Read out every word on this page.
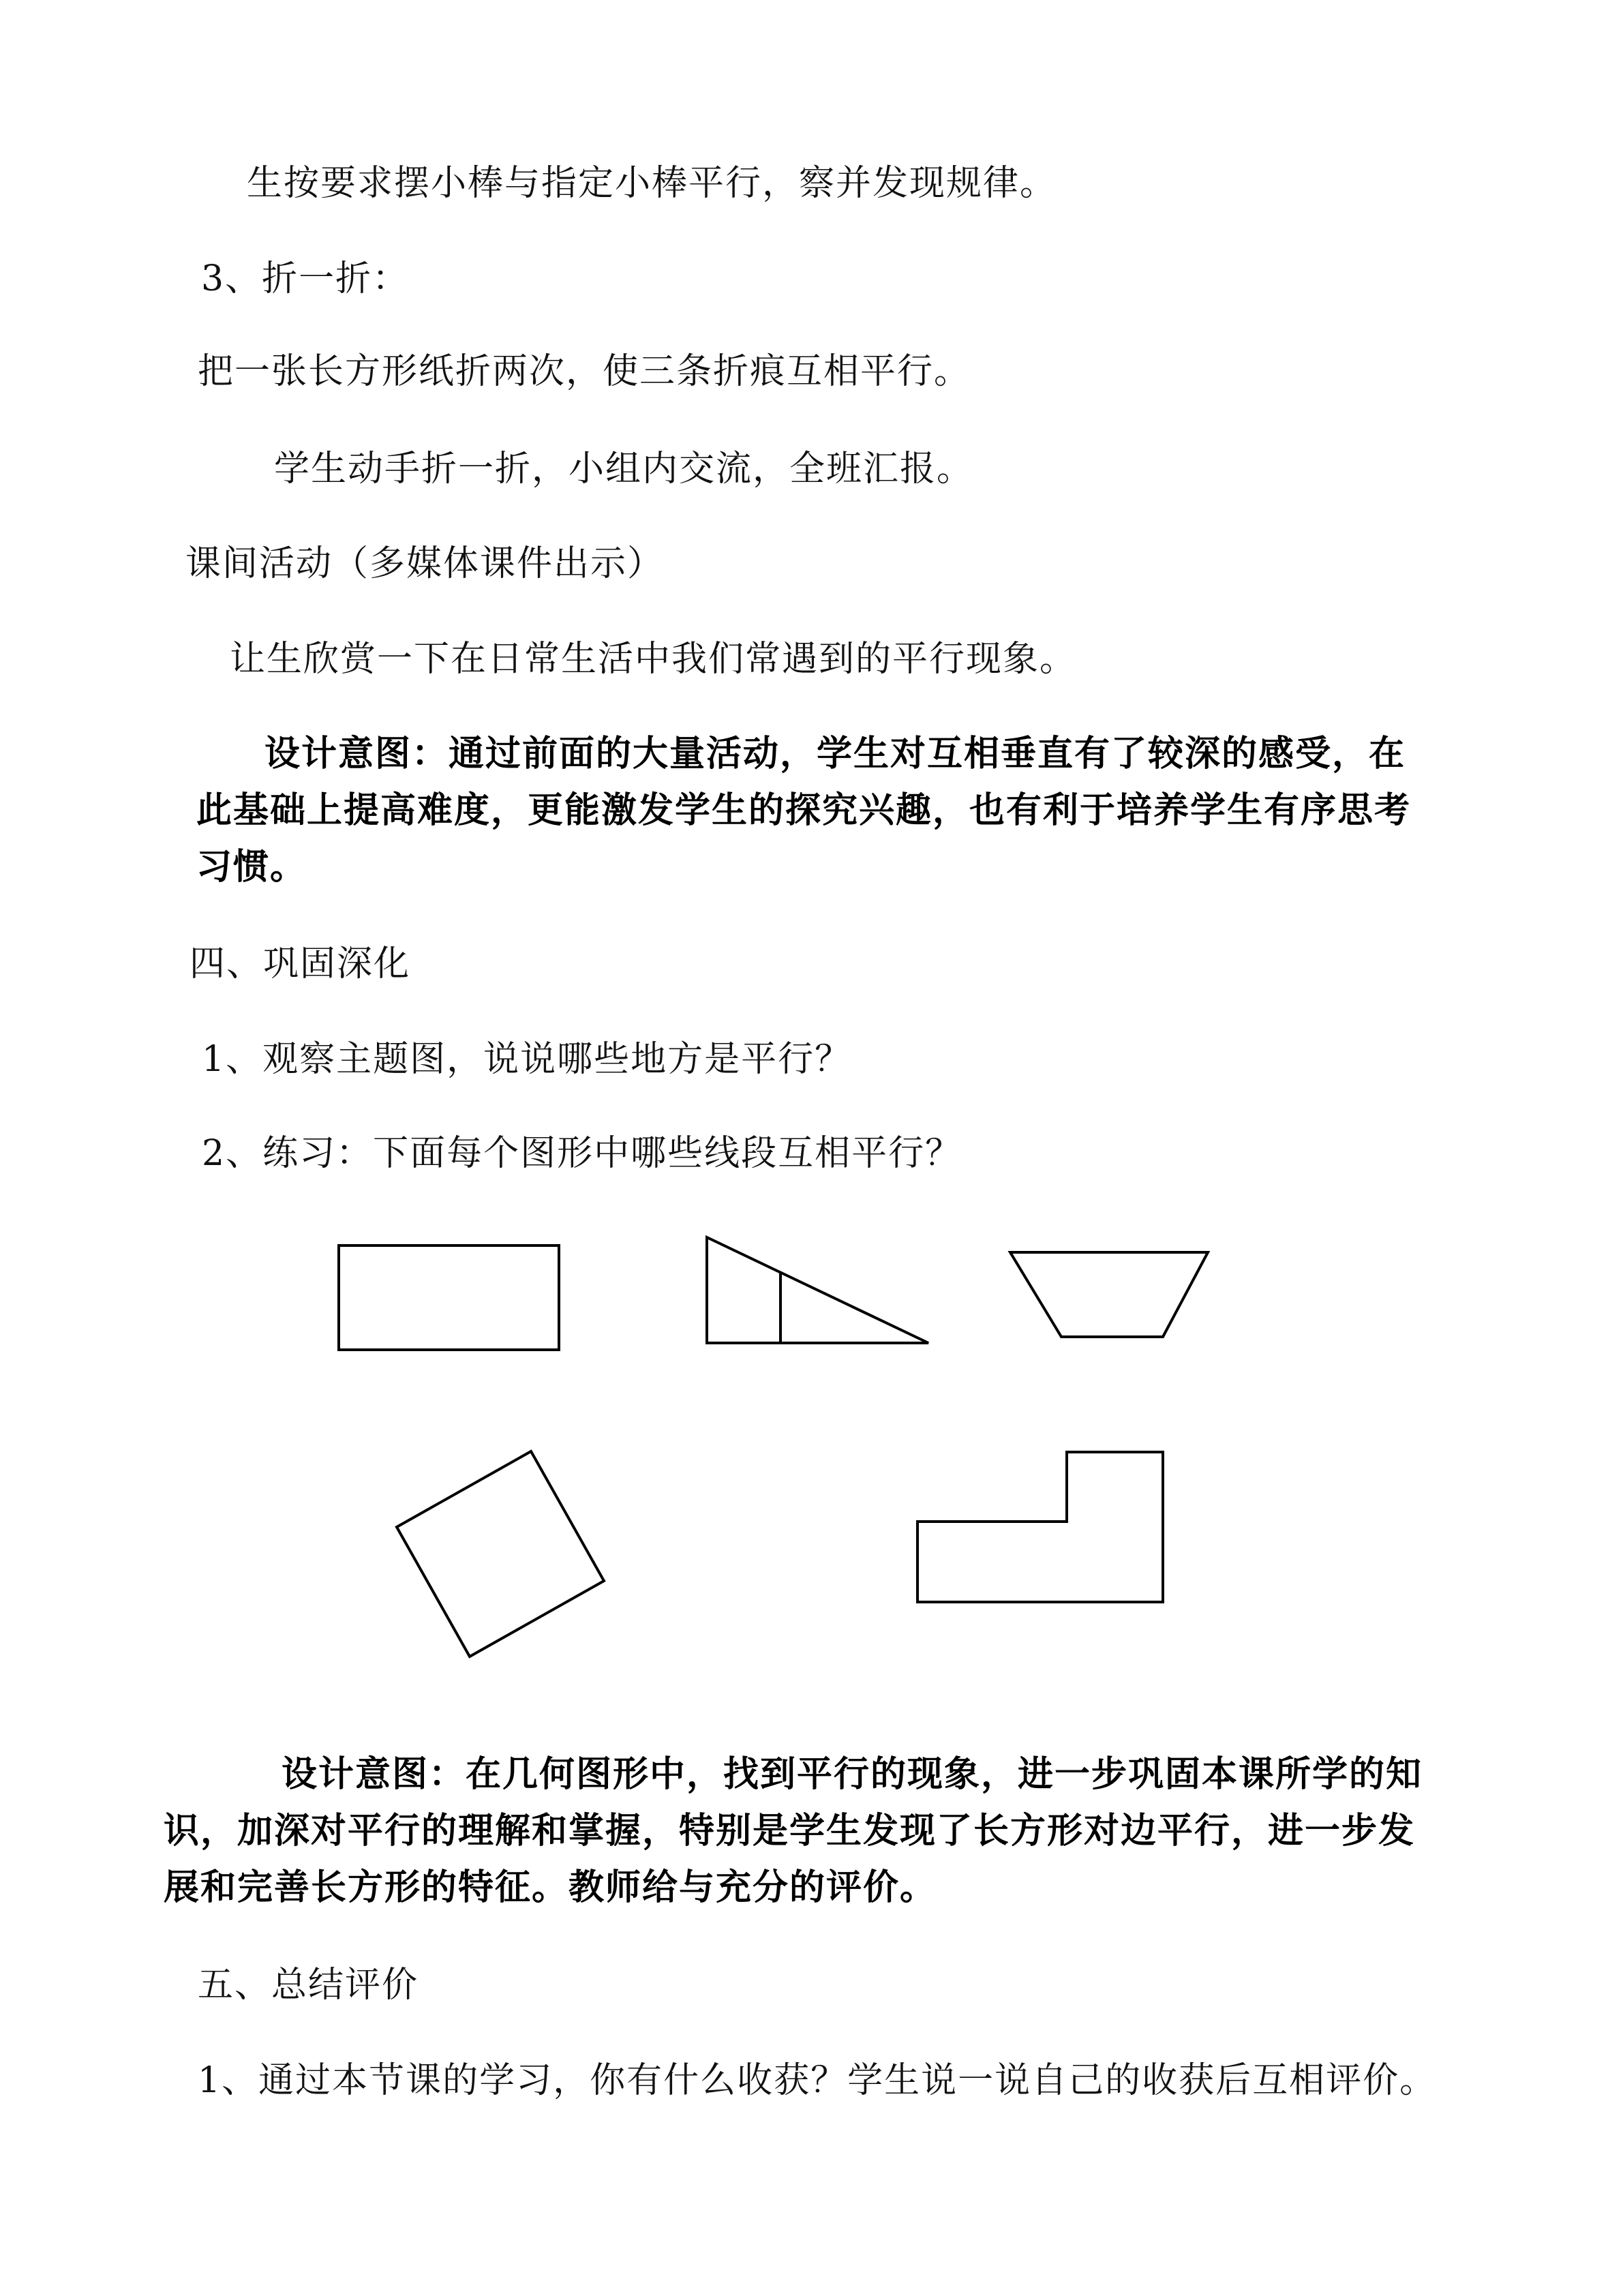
生按要求摆小棒与指定小棒平行，察并发现规律。
3、折一折：
把一张长方形纸折两次，使三条折痕互相平行。
学生动手折一折，小组内交流，全班汇报。
课间活动（多媒体课件出示）
让生欣赏一下在日常生活中我们常遇到的平行现象。
设计意图：通过前面的大量活动，学生对互相垂直有了较深的感受，在
此基础上提高难度，更能激发学生的探究兴趣，也有利于培养学生有序思考
习惯。
四、巩固深化
1、观察主题图，说说哪些地方是平行？
2、练习：下面每个图形中哪些线段互相平行？
设计意图：在几何图形中，找到平行的现象，进一步巩固本课所学的知
识，加深对平行的理解和掌握，特别是学生发现了长方形对边平行，进一步发
展和完善长方形的特征。教师给与充分的评价。
五、总结评价
1、通过本节课的学习，你有什么收获？学生说一说自己的收获后互相评价。
